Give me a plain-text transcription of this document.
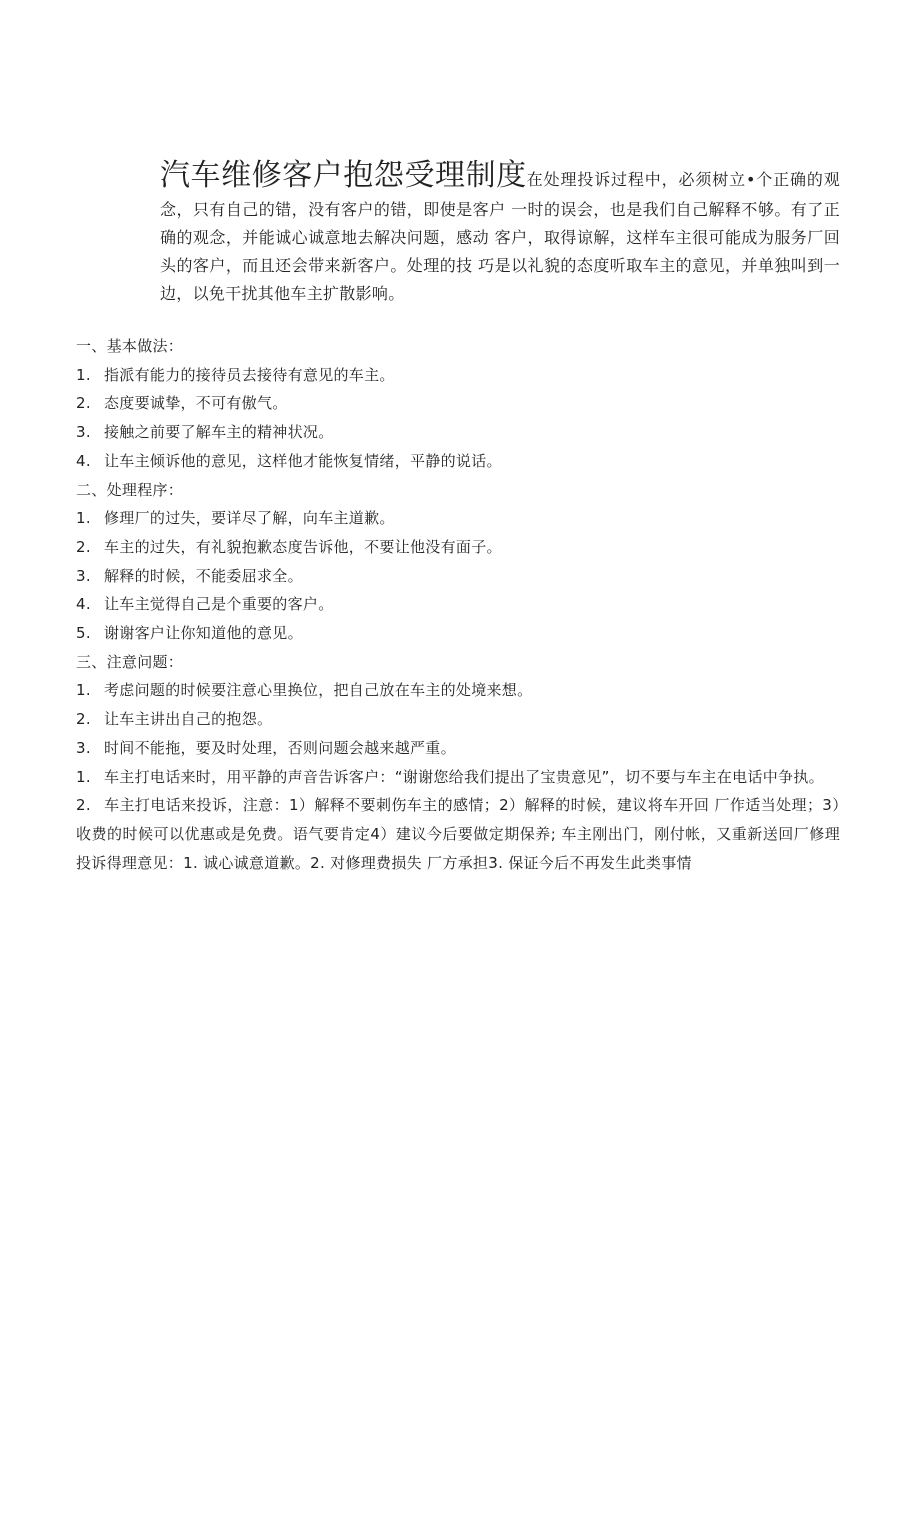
汽车维修客户抱怨受理制度在处理投诉过程中，必须树立•个正确的观念，只有自己的错，没有客户的错，即使是客户 一时的误会，也是我们自己解释不够。有了正确的观念，并能诚心诚意地去解决问题，感动 客户，取得谅解，这样车主很可能成为服务厂回头的客户，而且还会带来新客户。处理的技 巧是以礼貌的态度听取车主的意见，并单独叫到一边，以免干扰其他车主扩散影响。
一、基本做法：
1. 指派有能力的接待员去接待有意见的车主。
2. 态度要诚挚，不可有傲气。
3. 接触之前要了解车主的精神状况。
4. 让车主倾诉他的意见，这样他才能恢复情绪，平静的说话。
二、处理程序：
1. 修理厂的过失，要详尽了解，向车主道歉。
2. 车主的过失，有礼貌抱歉态度告诉他，不要让他没有面子。
3. 解释的时候，不能委屈求全。
4. 让车主觉得自己是个重要的客户。
5. 谢谢客户让你知道他的意见。
三、注意问题：
1. 考虑问题的时候要注意心里换位，把自己放在车主的处境来想。
2. 让车主讲出自己的抱怨。
3. 时间不能拖，要及时处理，否则问题会越来越严重。
1. 车主打电话来时，用平静的声音告诉客户：“谢谢您给我们提出了宝贵意见”，切不要与车主在电话中争执。
2. 车主打电话来投诉，注意：1）解释不要刺伤车主的感情；2）解释的时候，建议将车开回 厂作适当处理；3）收费的时候可以优惠或是免费。语气要肯定4）建议今后要做定期保养; 车主刚出门，刚付帐，又重新送回厂修理投诉得理意见：1. 诚心诚意道歉。2. 对修理费损失 厂方承担3. 保证今后不再发生此类事情
